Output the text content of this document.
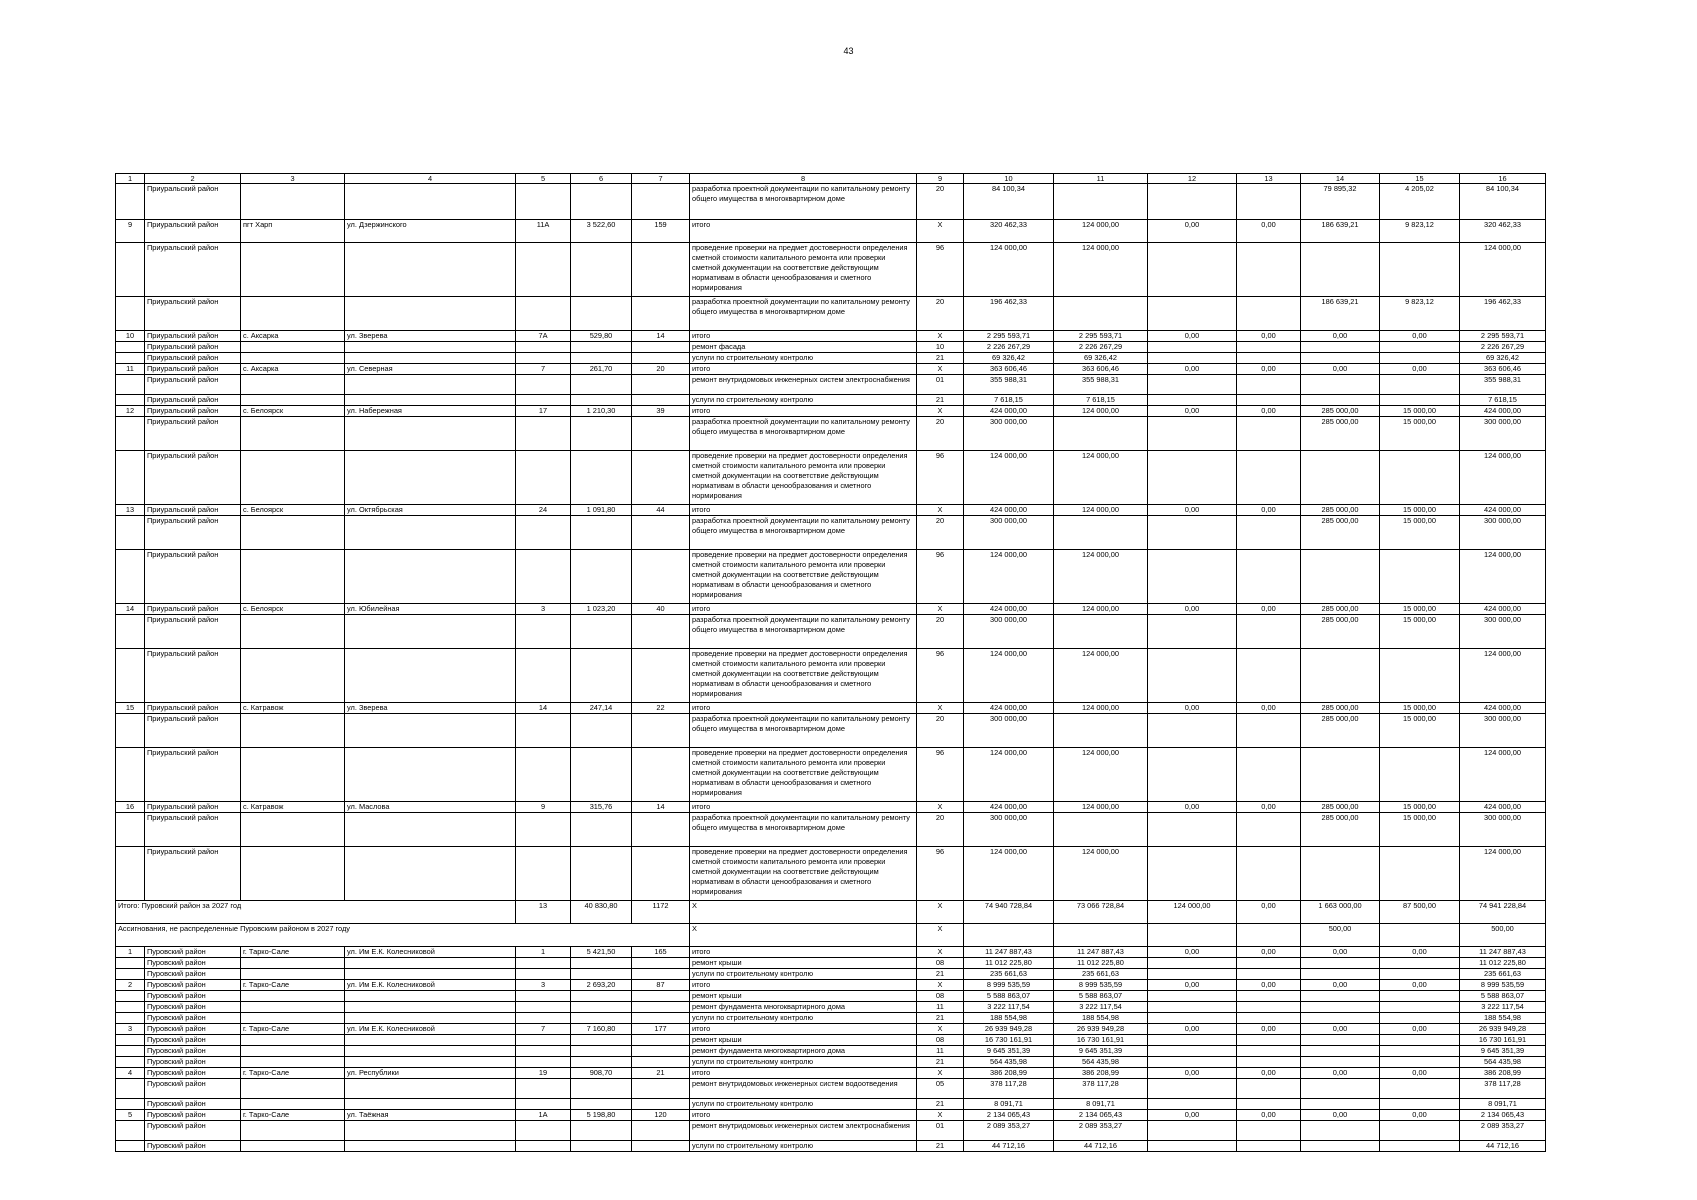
43
1	2	3	4	5	6	7	8	9	10	11	12	13	14	15	16
	Приуральский район						разработка проектной документации по капитальному ремонту общего имущества в многоквартирном доме	20	84 100,34				79 895,32	4 205,02	84 100,34
9	Приуральский район	пгт Харп	ул. Дзержинского	11А	3 522,60	159	итого	Х	320 462,33	124 000,00	0,00	0,00	186 639,21	9 823,12	320 462,33
	Приуральский район						проведение проверки на предмет достоверности определения сметной стоимости капитального ремонта или проверки сметной документации на соответствие действующим нормативам в области ценообразования и сметного нормирования	96	124 000,00	124 000,00					124 000,00
	Приуральский район						разработка проектной документации по капитальному ремонту общего имущества в многоквартирном доме	20	196 462,33				186 639,21	9 823,12	196 462,33
10	Приуральский район	с. Аксарка	ул. Зверева	7А	529,80	14	итого	Х	2 295 593,71	2 295 593,71	0,00	0,00	0,00	0,00	2 295 593,71
	Приуральский район						ремонт фасада	10	2 226 267,29	2 226 267,29					2 226 267,29
	Приуральский район						услуги по строительному контролю	21	69 326,42	69 326,42					69 326,42
11	Приуральский район	с. Аксарка	ул. Северная	7	261,70	20	итого	Х	363 606,46	363 606,46	0,00	0,00	0,00	0,00	363 606,46
	Приуральский район						ремонт внутридомовых инженерных систем электроснабжения	01	355 988,31	355 988,31					355 988,31
	Приуральский район						услуги по строительному контролю	21	7 618,15	7 618,15					7 618,15
12	Приуральский район	с. Белоярск	ул. Набережная	17	1 210,30	39	итого	Х	424 000,00	124 000,00	0,00	0,00	285 000,00	15 000,00	424 000,00
	Приуральский район						разработка проектной документации по капитальному ремонту общего имущества в многоквартирном доме	20	300 000,00				285 000,00	15 000,00	300 000,00
	Приуральский район						проведение проверки на предмет достоверности определения сметной стоимости капитального ремонта или проверки сметной документации на соответствие действующим нормативам в области ценообразования и сметного нормирования	96	124 000,00	124 000,00					124 000,00
13	Приуральский район	с. Белоярск	ул. Октябрьская	24	1 091,80	44	итого	Х	424 000,00	124 000,00	0,00	0,00	285 000,00	15 000,00	424 000,00
	Приуральский район						разработка проектной документации по капитальному ремонту общего имущества в многоквартирном доме	20	300 000,00				285 000,00	15 000,00	300 000,00
	Приуральский район						проведение проверки на предмет достоверности определения сметной стоимости капитального ремонта или проверки сметной документации на соответствие действующим нормативам в области ценообразования и сметного нормирования	96	124 000,00	124 000,00					124 000,00
14	Приуральский район	с. Белоярск	ул. Юбилейная	3	1 023,20	40	итого	Х	424 000,00	124 000,00	0,00	0,00	285 000,00	15 000,00	424 000,00
	Приуральский район						разработка проектной документации по капитальному ремонту общего имущества в многоквартирном доме	20	300 000,00				285 000,00	15 000,00	300 000,00
	Приуральский район						проведение проверки на предмет достоверности определения сметной стоимости капитального ремонта или проверки сметной документации на соответствие действующим нормативам в области ценообразования и сметного нормирования	96	124 000,00	124 000,00					124 000,00
15	Приуральский район	с. Катравож	ул. Зверева	14	247,14	22	итого	Х	424 000,00	124 000,00	0,00	0,00	285 000,00	15 000,00	424 000,00
	Приуральский район						разработка проектной документации по капитальному ремонту общего имущества в многоквартирном доме	20	300 000,00				285 000,00	15 000,00	300 000,00
	Приуральский район						проведение проверки на предмет достоверности определения сметной стоимости капитального ремонта или проверки сметной документации на соответствие действующим нормативам в области ценообразования и сметного нормирования	96	124 000,00	124 000,00					124 000,00
16	Приуральский район	с. Катравож	ул. Маслова	9	315,76	14	итого	Х	424 000,00	124 000,00	0,00	0,00	285 000,00	15 000,00	424 000,00
	Приуральский район						разработка проектной документации по капитальному ремонту общего имущества в многоквартирном доме	20	300 000,00				285 000,00	15 000,00	300 000,00
	Приуральский район						проведение проверки на предмет достоверности определения сметной стоимости капитального ремонта или проверки сметной документации на соответствие действующим нормативам в области ценообразования и сметного нормирования	96	124 000,00	124 000,00					124 000,00
Итого: Пуровский район за 2027 год				13	40 830,80	1172	Х	Х	74 940 728,84	73 066 728,84	124 000,00	0,00	1 663 000,00	87 500,00	74 941 228,84
Ассигнования, не распределенные Пуровским районом в 2027 году							Х	Х					500,00		500,00
1	Пуровский район	г. Тарко-Сале	ул. Им Е.К. Колесниковой	1	5 421,50	165	итого	Х	11 247 887,43	11 247 887,43	0,00	0,00	0,00	0,00	11 247 887,43
	Пуровский район						ремонт крыши	08	11 012 225,80	11 012 225,80					11 012 225,80
	Пуровский район						услуги по строительному контролю	21	235 661,63	235 661,63					235 661,63
2	Пуровский район	г. Тарко-Сале	ул. Им Е.К. Колесниковой	3	2 693,20	87	итого	Х	8 999 535,59	8 999 535,59	0,00	0,00	0,00	0,00	8 999 535,59
	Пуровский район						ремонт крыши	08	5 588 863,07	5 588 863,07					5 588 863,07
	Пуровский район						ремонт фундамента многоквартирного дома	11	3 222 117,54	3 222 117,54					3 222 117,54
	Пуровский район						услуги по строительному контролю	21	188 554,98	188 554,98					188 554,98
3	Пуровский район	г. Тарко-Сале	ул. Им Е.К. Колесниковой	7	7 160,80	177	итого	Х	26 939 949,28	26 939 949,28	0,00	0,00	0,00	0,00	26 939 949,28
	Пуровский район						ремонт крыши	08	16 730 161,91	16 730 161,91					16 730 161,91
	Пуровский район						ремонт фундамента многоквартирного дома	11	9 645 351,39	9 645 351,39					9 645 351,39
	Пуровский район						услуги по строительному контролю	21	564 435,98	564 435,98					564 435,98
4	Пуровский район	г. Тарко-Сале	ул. Республики	19	908,70	21	итого	Х	386 208,99	386 208,99	0,00	0,00	0,00	0,00	386 208,99
	Пуровский район						ремонт внутридомовых инженерных систем водоотведения	05	378 117,28	378 117,28					378 117,28
	Пуровский район						услуги по строительному контролю	21	8 091,71	8 091,71					8 091,71
5	Пуровский район	г. Тарко-Сале	ул. Таёжная	1А	5 198,80	120	итого	Х	2 134 065,43	2 134 065,43	0,00	0,00	0,00	0,00	2 134 065,43
	Пуровский район						ремонт внутридомовых инженерных систем электроснабжения	01	2 089 353,27	2 089 353,27					2 089 353,27
	Пуровский район						услуги по строительному контролю	21	44 712,16	44 712,16					44 712,16
